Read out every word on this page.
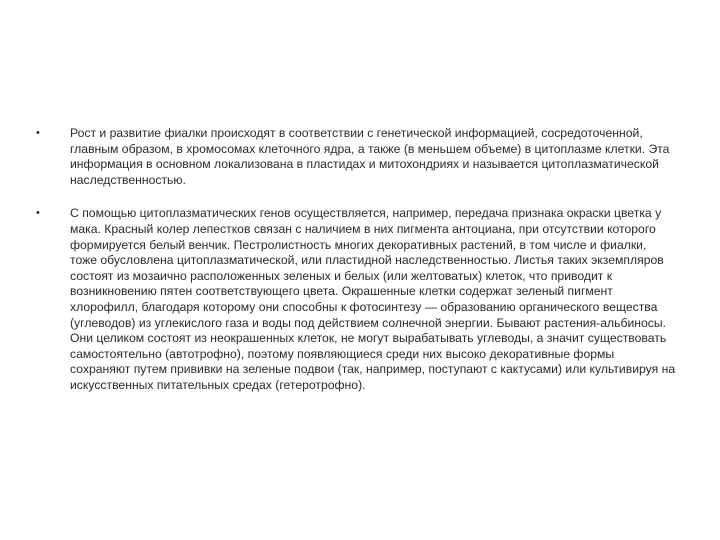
•	Рост и развитие фиалки происходят в соответствии с генетической информацией, сосредоточенной, главным образом, в хромосомах клеточного ядра, а также (в меньшем объеме) в цитоплазме клетки. Эта информация в основном локализована в пластидах и митохондриях и называется цитоплазматической наследственностью.
•	С помощью цитоплазматических генов осуществляется, например, передача признака окраски цветка у мака. Красный колер лепестков связан с наличием в них пигмента антоциана, при отсутствии которого формируется белый венчик. Пестролистность многих декоративных растений, в том числе и фиалки, тоже обусловлена цитоплазматической, или пластидной наследственностью. Листья таких экземпляров состоят из мозаично расположенных зеленых и белых (или желтоватых) клеток, что приводит к возникновению пятен соответствующего цвета. Окрашенные клетки содержат зеленый пигмент хлорофилл, благодаря которому они способны к фотосинтезу — образованию органического вещества (углеводов) из углекислого газа и воды под действием солнечной энергии. Бывают растения-альбиносы. Они целиком состоят из неокрашенных клеток, не могут вырабатывать углеводы, а значит существовать самостоятельно (автотрофно), поэтому появляющиеся среди них высоко декоративные формы сохраняют путем прививки на зеленые подвои (так, например, поступают с кактусами) или культивируя на искусственных питательных средах (гетеротрофно).
